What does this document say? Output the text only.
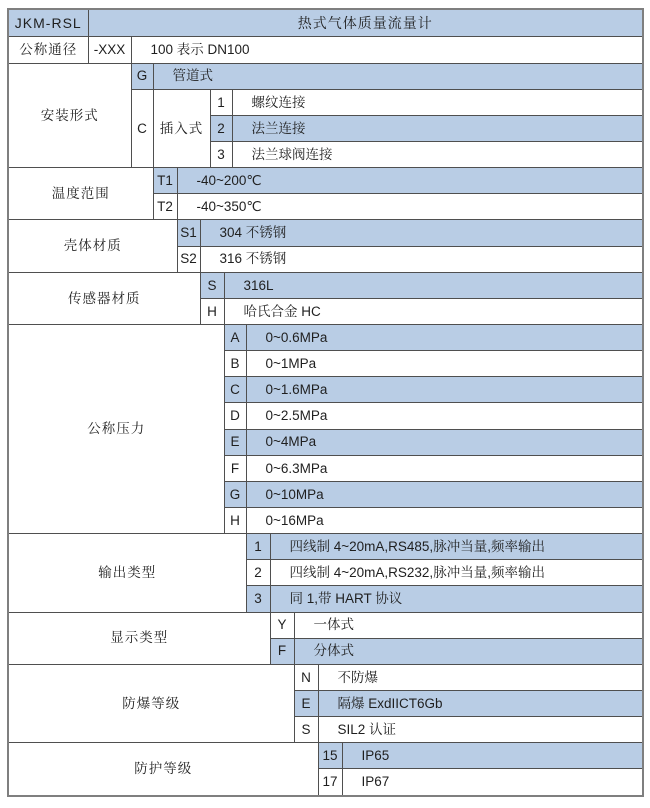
JKM-RSL	热式气体质量流量计												
公称通径	-XXX	100 表示 DN100											
安装形式		G	管道式										
		C	插入式			1		螺纹连接					
						2		法兰连接					
						3		法兰球阀连接					
温度范围			T1	-40~200℃									
			T2	-40~350℃									
壳体材质				S1	304 不锈钢								
				S2	316 不锈钢								
传感器材质					S		316L						
					H		哈氏合金 HC						
公称压力							A		0~0.6MPa				
							B		0~1MPa				
							C		0~1.6MPa				
							D		0~2.5MPa				
							E		0~4MPa				
							F		0~6.3MPa				
							G		0~10MPa				
							H		0~16MPa				
输出类型									1	四线制 4~20mA,RS485,脉冲当量,频率输出			
									2	四线制 4~20mA,RS232,脉冲当量,频率输出			
									3	同 1,带 HART 协议			
显示类型										Y	一体式		
										F	分体式		
防爆等级											N	不防爆	
											E	隔爆 ExdIICT6Gb	
											S	SIL2 认证	
防护等级												15	IP65
												17	IP67
